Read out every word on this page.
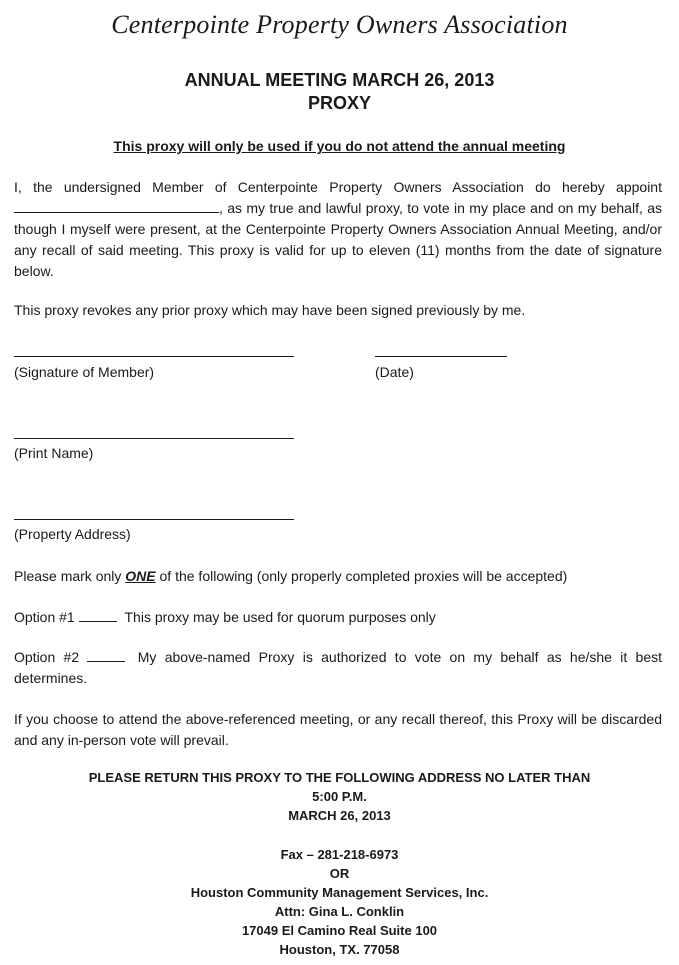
Centerpointe Property Owners Association
ANNUAL MEETING MARCH 26, 2013
PROXY
This proxy will only be used if you do not attend the annual meeting
I, the undersigned Member of Centerpointe Property Owners Association do hereby appoint , as my true and lawful proxy, to vote in my place and on my behalf, as though I myself were present, at the Centerpointe Property Owners Association Annual Meeting, and/or any recall of said meeting. This proxy is valid for up to eleven (11) months from the date of signature below.
This proxy revokes any prior proxy which may have been signed previously by me.
(Signature of Member)	(Date)
(Print Name)
(Property Address)
Please mark only ONE of the following (only properly completed proxies will be accepted)
Option #1	This proxy may be used for quorum purposes only
Option #2	My above-named Proxy is authorized to vote on my behalf as he/she it best determines.
If you choose to attend the above-referenced meeting, or any recall thereof, this Proxy will be discarded and any in-person vote will prevail.
PLEASE RETURN THIS PROXY TO THE FOLLOWING ADDRESS NO LATER THAN
5:00 P.M.
MARCH 26, 2013
Fax – 281-218-6973
OR
Houston Community Management Services, Inc.
Attn: Gina L. Conklin
17049 El Camino Real Suite 100
Houston, TX. 77058
